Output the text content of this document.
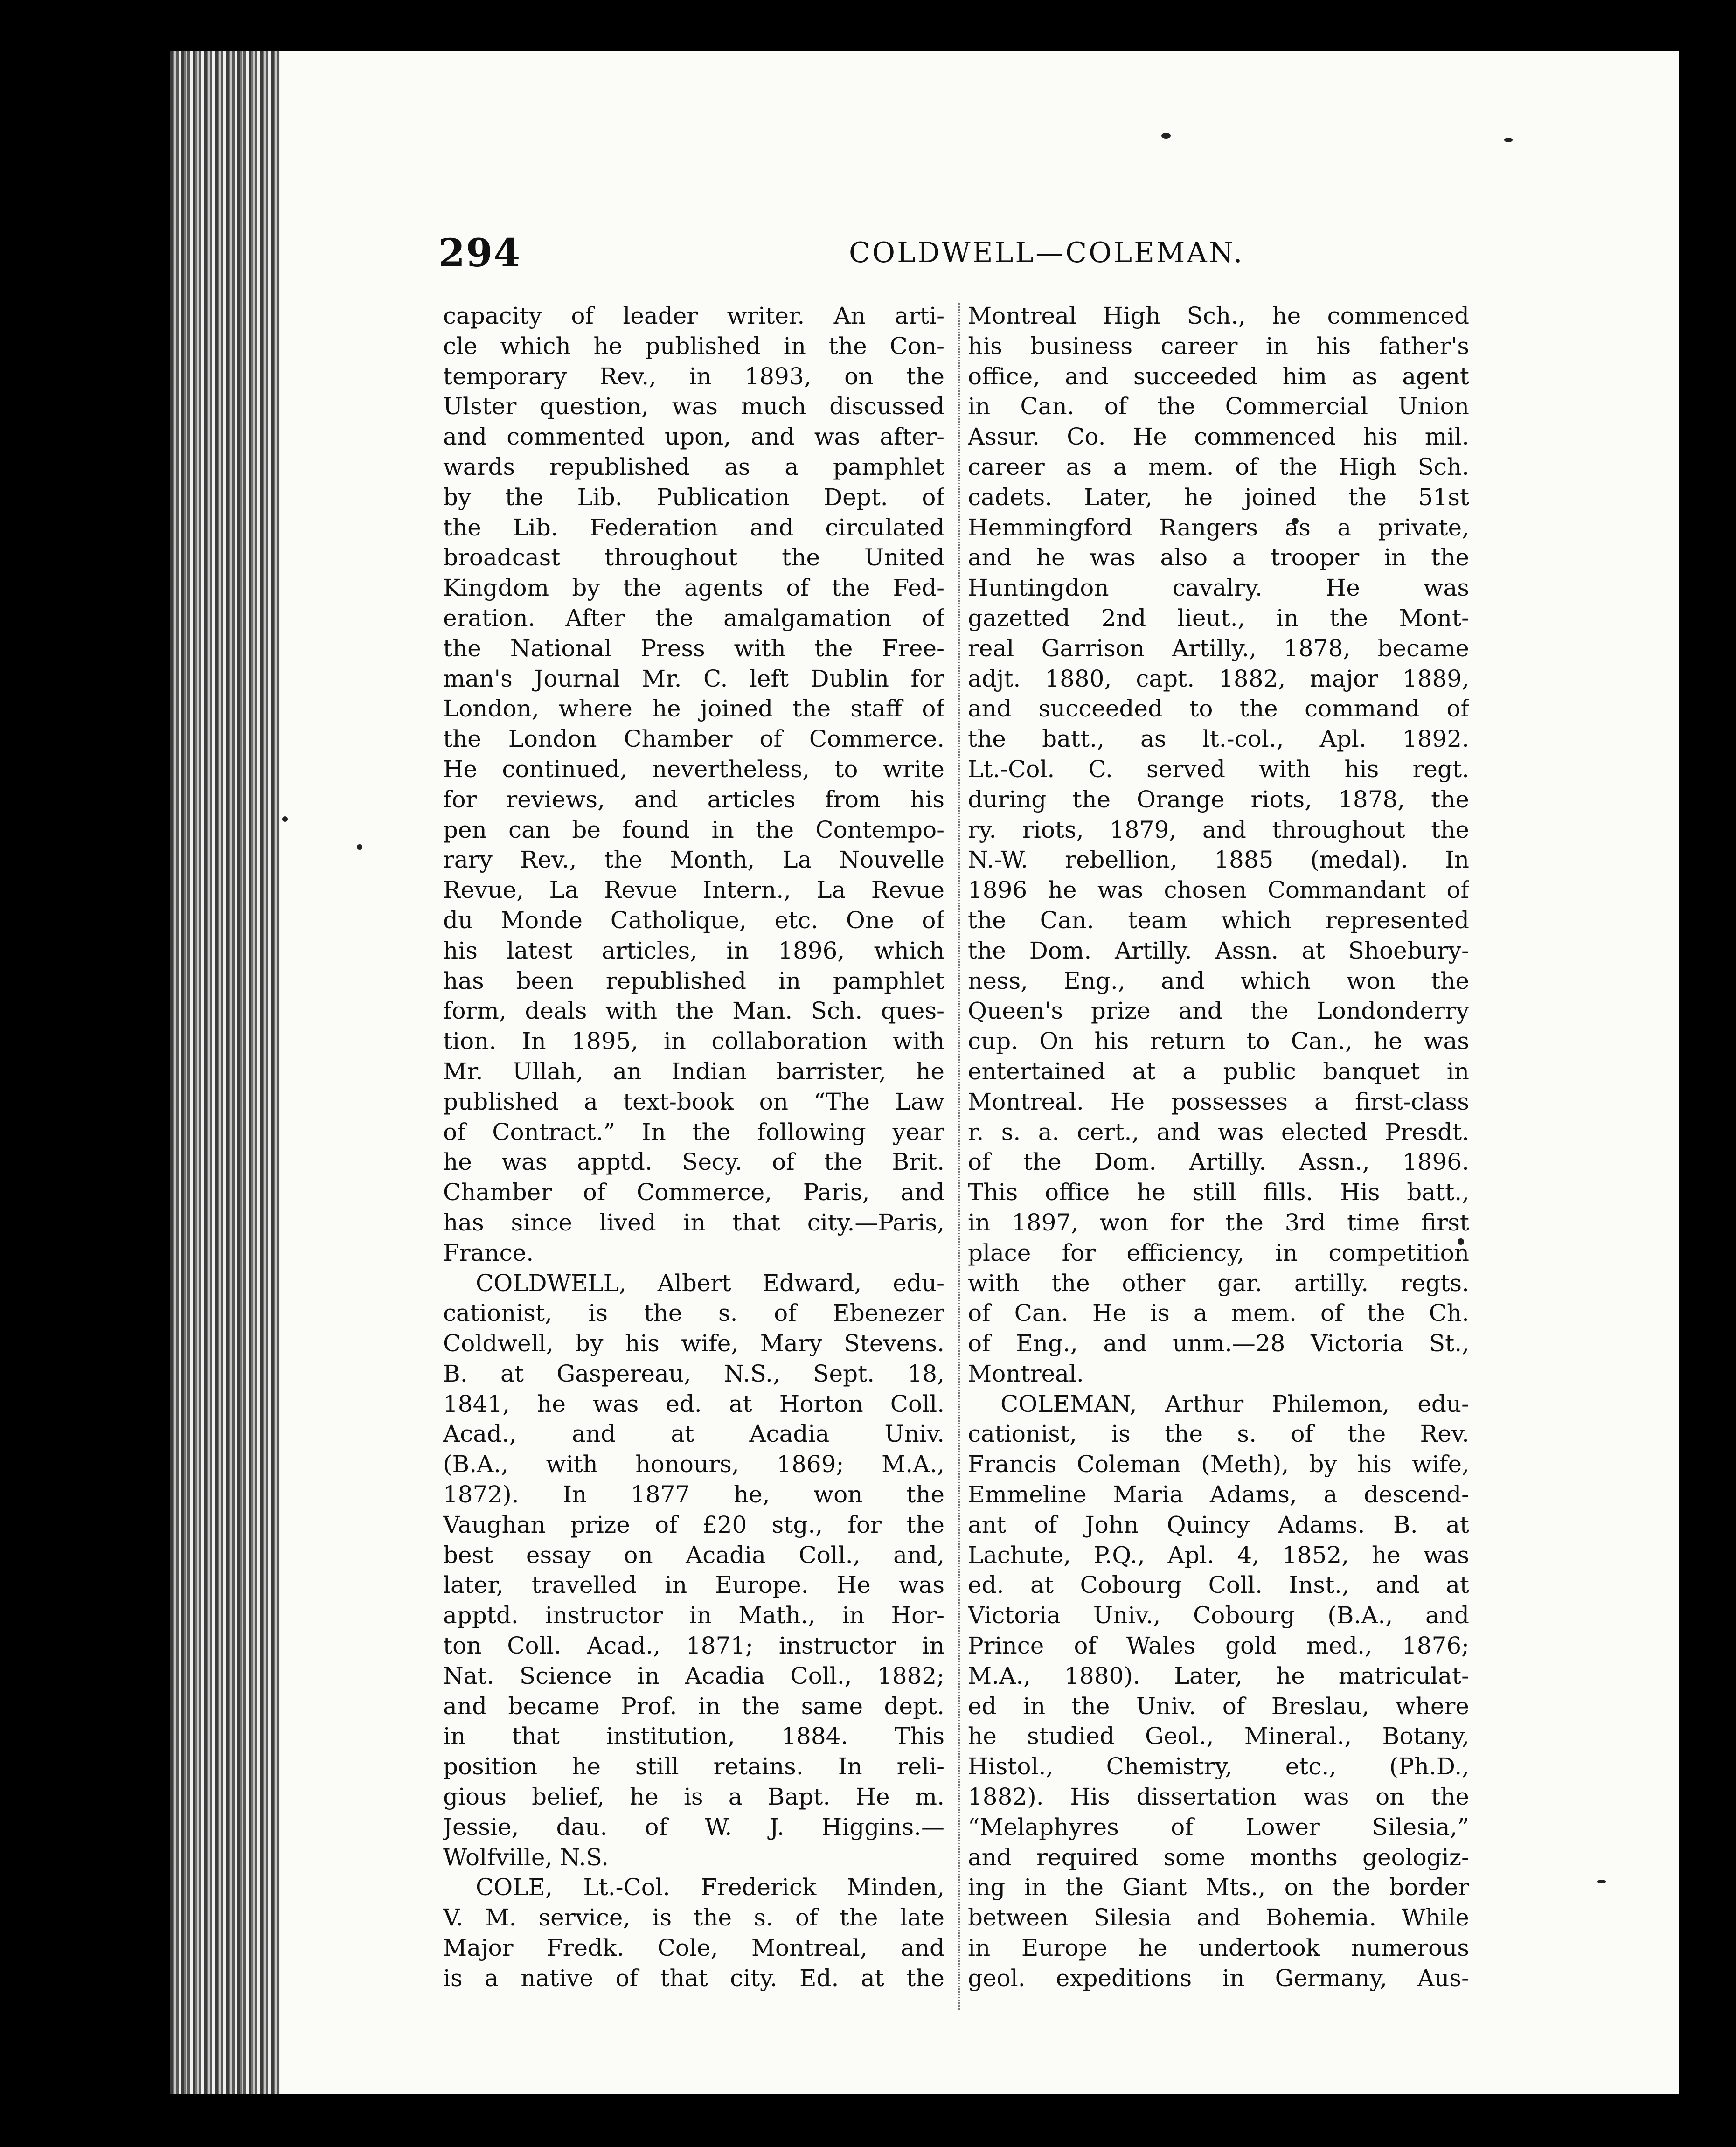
294	COLDWELL—COLEMAN.
capacity of leader writer. An arti-
cle which he published in the Con-
temporary Rev., in 1893, on the
Ulster question, was much discussed
and commented upon, and was after-
wards republished as a pamphlet
by the Lib. Publication Dept. of
the Lib. Federation and circulated
broadcast throughout the United
Kingdom by the agents of the Fed-
eration. After the amalgamation of
the National Press with the Free-
man's Journal Mr. C. left Dublin for
London, where he joined the staff of
the London Chamber of Commerce.
He continued, nevertheless, to write
for reviews, and articles from his
pen can be found in the Contempo-
rary Rev., the Month, La Nouvelle
Revue, La Revue Intern., La Revue
du Monde Catholique, etc. One of
his latest articles, in 1896, which
has been republished in pamphlet
form, deals with the Man. Sch. ques-
tion. In 1895, in collaboration with
Mr. Ullah, an Indian barrister, he
published a text-book on “The Law
of Contract.” In the following year
he was apptd. Secy. of the Brit.
Chamber of Commerce, Paris, and
has since lived in that city.—Paris,
France.
COLDWELL, Albert Edward, edu-
cationist, is the s. of Ebenezer
Coldwell, by his wife, Mary Stevens.
B. at Gaspereau, N.S., Sept. 18,
1841, he was ed. at Horton Coll.
Acad., and at Acadia Univ.
(B.A., with honours, 1869; M.A.,
1872). In 1877 he, won the
Vaughan prize of £20 stg., for the
best essay on Acadia Coll., and,
later, travelled in Europe. He was
apptd. instructor in Math., in Hor-
ton Coll. Acad., 1871; instructor in
Nat. Science in Acadia Coll., 1882;
and became Prof. in the same dept.
in that institution, 1884. This
position he still retains. In reli-
gious belief, he is a Bapt. He m.
Jessie, dau. of W. J. Higgins.—
Wolfville, N.S.
COLE, Lt.-Col. Frederick Minden,
V. M. service, is the s. of the late
Major Fredk. Cole, Montreal, and
is a native of that city. Ed. at the
Montreal High Sch., he commenced
his business career in his father's
office, and succeeded him as agent
in Can. of the Commercial Union
Assur. Co. He commenced his mil.
career as a mem. of the High Sch.
cadets. Later, he joined the 51st
Hemmingford Rangers as a private,
and he was also a trooper in the
Huntingdon cavalry. He was
gazetted 2nd lieut., in the Mont-
real Garrison Artilly., 1878, became
adjt. 1880, capt. 1882, major 1889,
and succeeded to the command of
the batt., as lt.-col., Apl. 1892.
Lt.-Col. C. served with his regt.
during the Orange riots, 1878, the
ry. riots, 1879, and throughout the
N.-W. rebellion, 1885 (medal). In
1896 he was chosen Commandant of
the Can. team which represented
the Dom. Artilly. Assn. at Shoebury-
ness, Eng., and which won the
Queen's prize and the Londonderry
cup. On his return to Can., he was
entertained at a public banquet in
Montreal. He possesses a first-class
r. s. a. cert., and was elected Presdt.
of the Dom. Artilly. Assn., 1896.
This office he still fills. His batt.,
in 1897, won for the 3rd time first
place for efficiency, in competition
with the other gar. artilly. regts.
of Can. He is a mem. of the Ch.
of Eng., and unm.—28 Victoria St.,
Montreal.
COLEMAN, Arthur Philemon, edu-
cationist, is the s. of the Rev.
Francis Coleman (Meth), by his wife,
Emmeline Maria Adams, a descend-
ant of John Quincy Adams. B. at
Lachute, P.Q., Apl. 4, 1852, he was
ed. at Cobourg Coll. Inst., and at
Victoria Univ., Cobourg (B.A., and
Prince of Wales gold med., 1876;
M.A., 1880). Later, he matriculat-
ed in the Univ. of Breslau, where
he studied Geol., Mineral., Botany,
Histol., Chemistry, etc., (Ph.D.,
1882). His dissertation was on the
“Melaphyres of Lower Silesia,”
and required some months geologiz-
ing in the Giant Mts., on the border
between Silesia and Bohemia. While
in Europe he undertook numerous
geol. expeditions in Germany, Aus-
